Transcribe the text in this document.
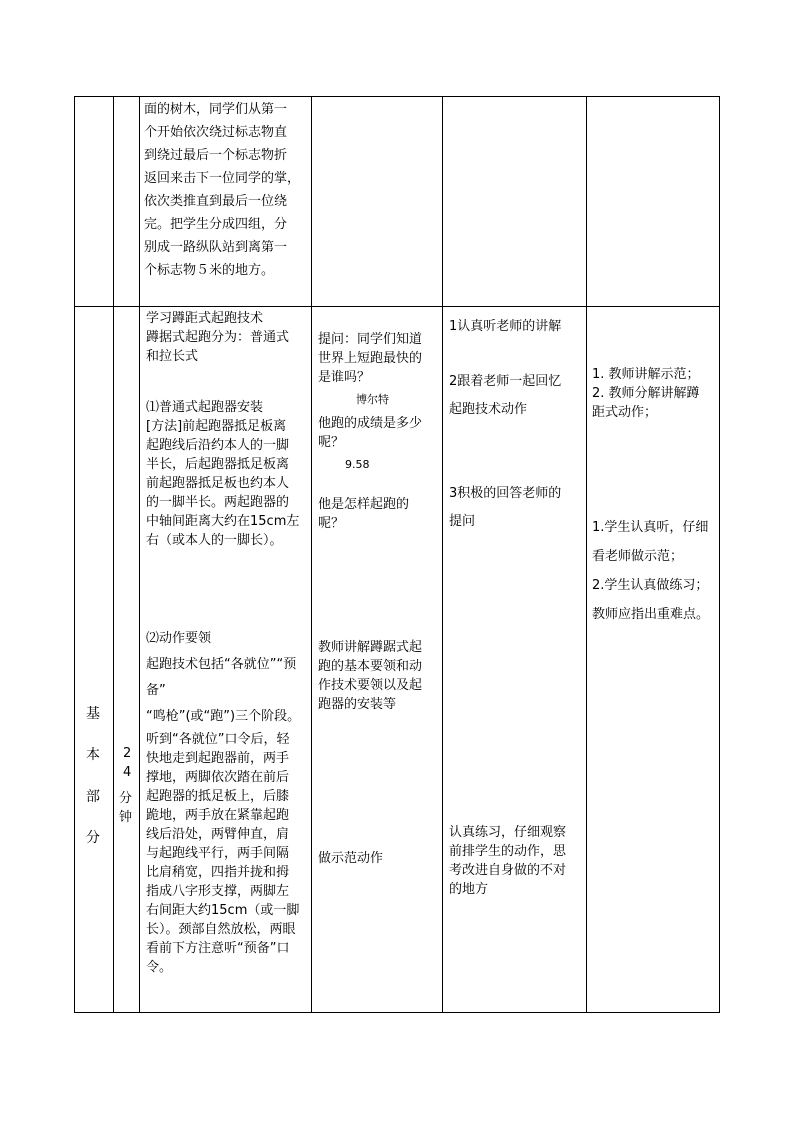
面的树木，同学们从第一
个开始依次绕过标志物直
到绕过最后一个标志物折
返回来击下一位同学的掌，
依次类推直到最后一位绕
完。把学生分成四组，分
别成一路纵队站到离第一
个标志物５米的地方。
基
本
部
分
2
4
分
钟
学习蹲距式起跑技术
蹲据式起跑分为：普通式
和拉长式
⑴普通式起跑器安装
[方法]前起跑器抵足板离
起跑线后沿约本人的一脚
半长，后起跑器抵足板离
前起跑器抵足板也约本人
的一脚半长。两起跑器的
中轴间距离大约在15cm左
右（或本人的一脚长）。
⑵动作要领
起跑技术包括“各就位”“预
备”
“鸣枪”(或“跑”)三个阶段。
听到“各就位”口令后，轻
快地走到起跑器前，两手
撑地，两脚依次踏在前后
起跑器的抵足板上，后膝
跪地，两手放在紧靠起跑
线后沿处，两臂伸直，肩
与起跑线平行，两手间隔
比肩稍宽，四指并拢和拇
指成八字形支撑，两脚左
右间距大约15cm（或一脚
长）。颈部自然放松，两眼
看前下方注意听“预备”口
令。
提问：同学们知道
世界上短跑最快的
是谁吗？
博尔特
他跑的成绩是多少
呢？
9.58
他是怎样起跑的
呢？
教师讲解蹲踞式起
跑的基本要领和动
作技术要领以及起
跑器的安装等
做示范动作
1认真听老师的讲解
2跟着老师一起回忆
起跑技术动作
3积极的回答老师的
提问
认真练习，仔细观察
前排学生的动作，思
考改进自身做的不对
的地方
1. 教师讲解示范；
2. 教师分解讲解蹲
距式动作；
1.学生认真听，仔细
看老师做示范；
2.学生认真做练习；
教师应指出重难点。
